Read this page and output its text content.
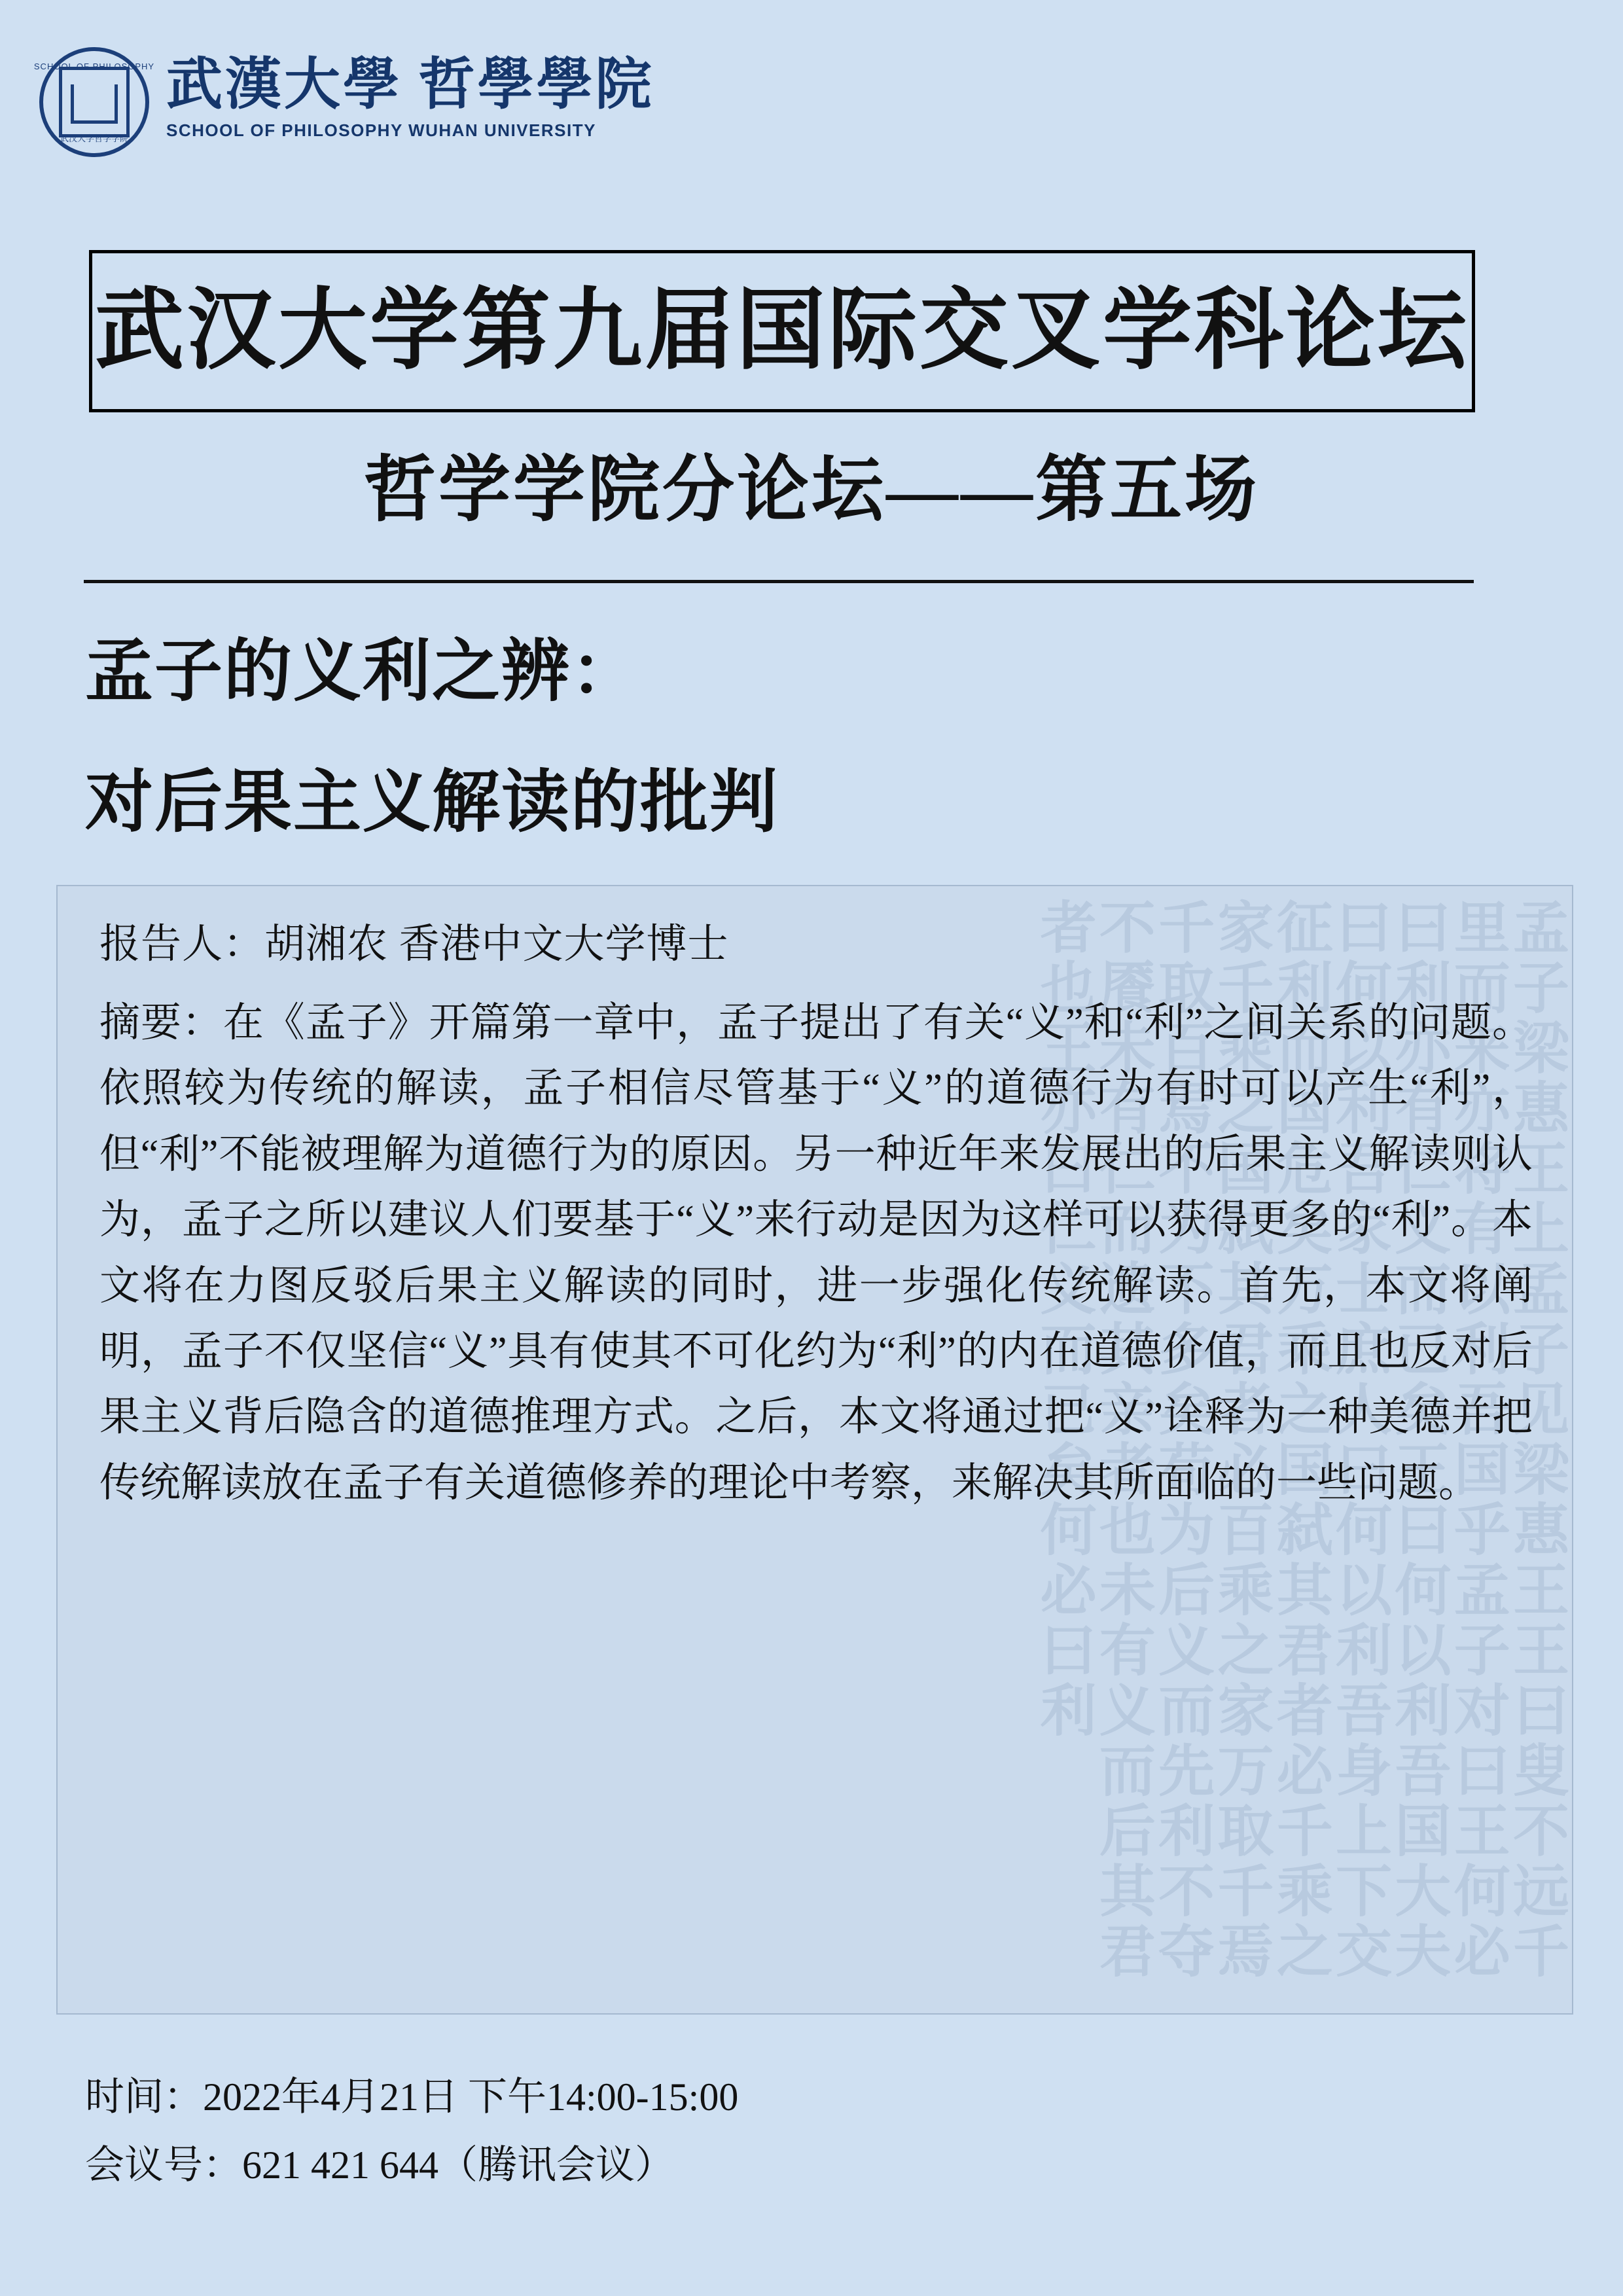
SCHOOL OF PHILOSOPHY
武汉大学哲学学院
武漢大學 哲學學院
SCHOOL OF PHILOSOPHY WUHAN UNIVERSITY
武汉大学第九届国际交叉学科论坛
哲学学院分论坛——第五场
孟子的义利之辨：
对后果主义解读的批判
孟子梁惠王上孟子见梁惠王王曰叟不远千里而来亦将有以利吾国乎孟子对曰王何必曰利亦有仁义而已矣王曰何以利吾国大夫曰何以利吾家士庶人曰何以利吾身上下交征利而国危矣万乘之国弑其君者必千乘之家千乘之国弑其君者必百乘之家万取千焉千取百焉不为不多矣苟为后义而先利不夺不餍未有仁而遗其亲者也未有义而后其君者也王亦曰仁义而已矣何必曰利
报告人：胡湘农 香港中文大学博士
摘要：在《孟子》开篇第一章中，孟子提出了有关“义”和“利”之间关系的问题。依照较为传统的解读，孟子相信尽管基于“义”的道德行为有时可以产生“利”，但“利”不能被理解为道德行为的原因。另一种近年来发展出的后果主义解读则认为，孟子之所以建议人们要基于“义”来行动是因为这样可以获得更多的“利”。本文将在力图反驳后果主义解读的同时，进一步强化传统解读。首先，本文将阐明，孟子不仅坚信“义”具有使其不可化约为“利”的内在道德价值，而且也反对后果主义背后隐含的道德推理方式。之后，本文将通过把“义”诠释为一种美德并把传统解读放在孟子有关道德修养的理论中考察，来解决其所面临的一些问题。
时间：2022年4月21日 下午14:00-15:00
会议号：621 421 644（腾讯会议）
